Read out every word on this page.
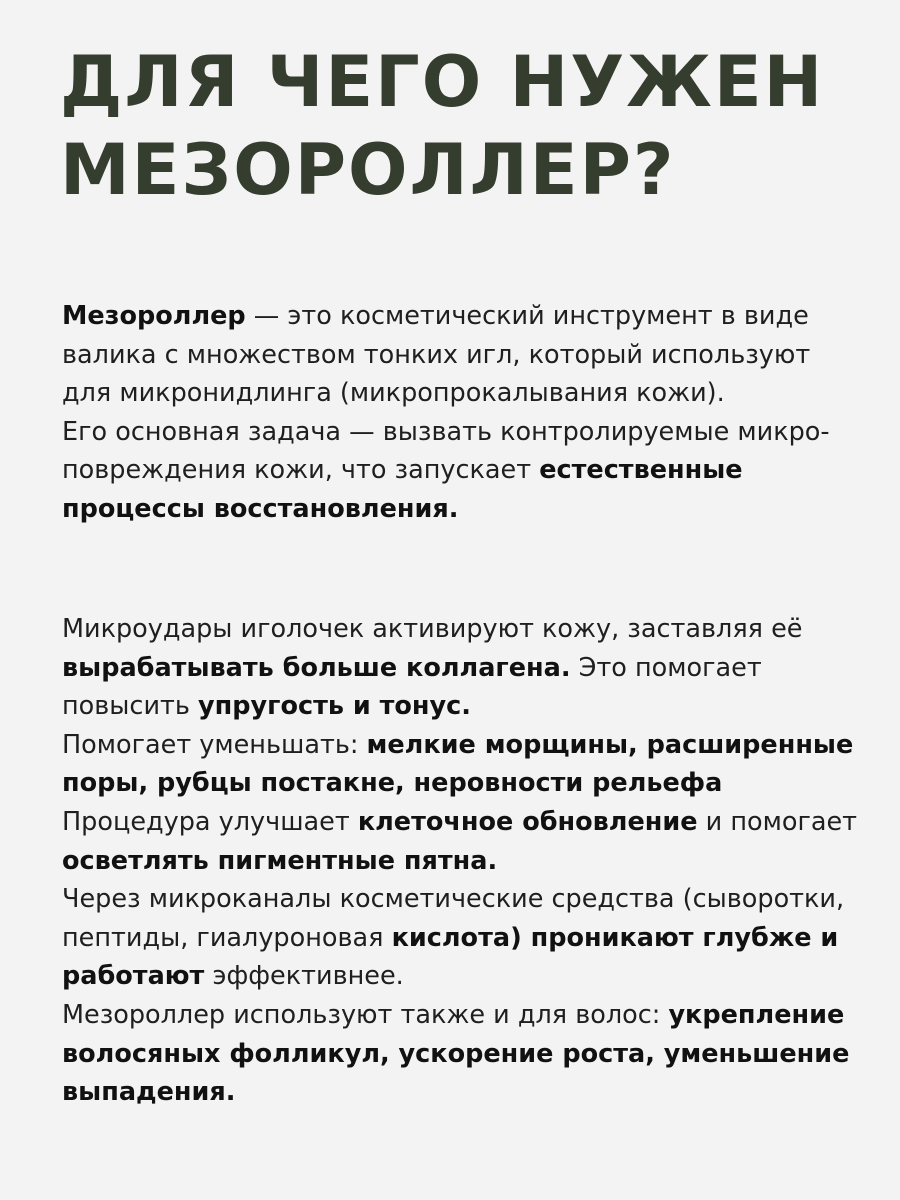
ДЛЯ ЧЕГО НУЖЕН
МЕЗОРОЛЛЕР?

Мезороллер — это косметический инструмент в виде валика с множеством тонких игл, который используют для микронидлинга (микропрокалывания кожи).

Его основная задача — вызвать контролируемые микро-повреждения кожи, что запускает естественные процессы восстановления.

Микроудары иголочек активируют кожу, заставляя её вырабатывать больше коллагена. Это помогает повысить упругость и тонус.

Помогает уменьшать: мелкие морщины, расширенные поры, рубцы постакне, неровности рельефа

Процедура улучшает клеточное обновление и помогает осветлять пигментные пятна.

Через микроканалы косметические средства (сыворотки, пептиды, гиалуроновая кислота) проникают глубже и работают эффективнее.

Мезороллер используют также и для волос: укрепление волосяных фолликул, ускорение роста, уменьшение выпадения.
